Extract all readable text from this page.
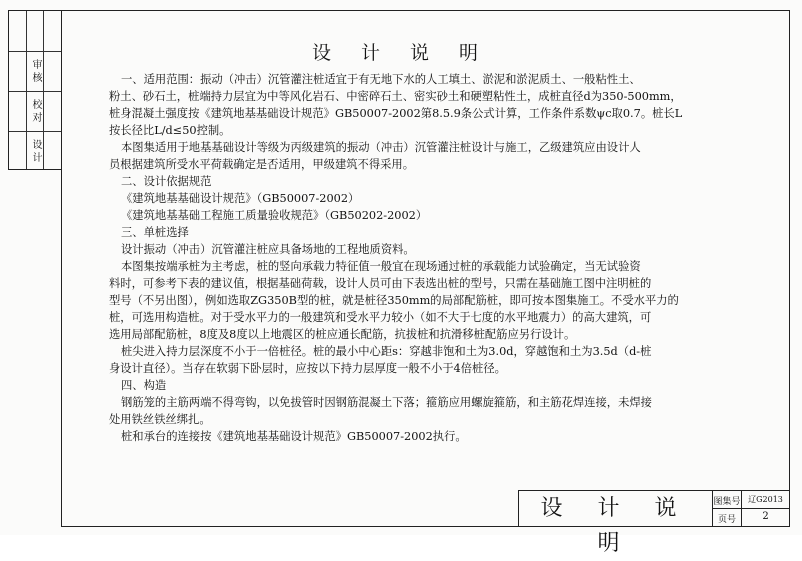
审核
校对
设计
设 计 说 明

一、适用范围：振动（冲击）沉管灌注桩适宜于有无地下水的人工填土、淤泥和淤泥质土、一般粘性土、

粉土、砂石土，桩端持力层宜为中等风化岩石、中密碎石土、密实砂土和硬塑粘性土，成桩直径d为350-500mm，

桩身混凝土强度按《建筑地基基础设计规范》GB50007-2002第8.5.9条公式计算，工作条件系数ψc取0.7。桩长L

按长径比L/d≤50控制。

本图集适用于地基基础设计等级为丙级建筑的振动（冲击）沉管灌注桩设计与施工，乙级建筑应由设计人

员根据建筑所受水平荷载确定是否适用，甲级建筑不得采用。

二、设计依据规范

《建筑地基基础设计规范》（GB50007-2002）

《建筑地基基础工程施工质量验收规范》（GB50202-2002）

三、单桩选择

设计振动（冲击）沉管灌注桩应具备场地的工程地质资料。

本图集按端承桩为主考虑，桩的竖向承载力特征值一般宜在现场通过桩的承载能力试验确定，当无试验资

料时，可参考下表的建议值，根据基础荷载，设计人员可由下表选出桩的型号，只需在基础施工图中注明桩的

型号（不另出图），例如选取ZG350B型的桩，就是桩径350mm的局部配筋桩，即可按本图集施工。不受水平力的

桩，可选用构造桩。对于受水平力的一般建筑和受水平力较小（如不大于七度的水平地震力）的高大建筑，可

选用局部配筋桩，8度及8度以上地震区的桩应通长配筋，抗拔桩和抗滑移桩配筋应另行设计。

桩尖进入持力层深度不小于一倍桩径。桩的最小中心距s：穿越非饱和土为3.0d，穿越饱和土为3.5d（d-桩

身设计直径）。当存在软弱下卧层时，应按以下持力层厚度一般不小于4倍桩径。

四、构造

钢筋笼的主筋两端不得弯钩，以免拔管时因钢筋混凝土下落；箍筋应用螺旋箍筋，和主筋花焊连接，未焊接

处用铁丝铁丝绑扎。

桩和承台的连接按《建筑地基基础设计规范》GB50007-2002执行。

设 计 说 明
图集号 辽G2013
页号	2
